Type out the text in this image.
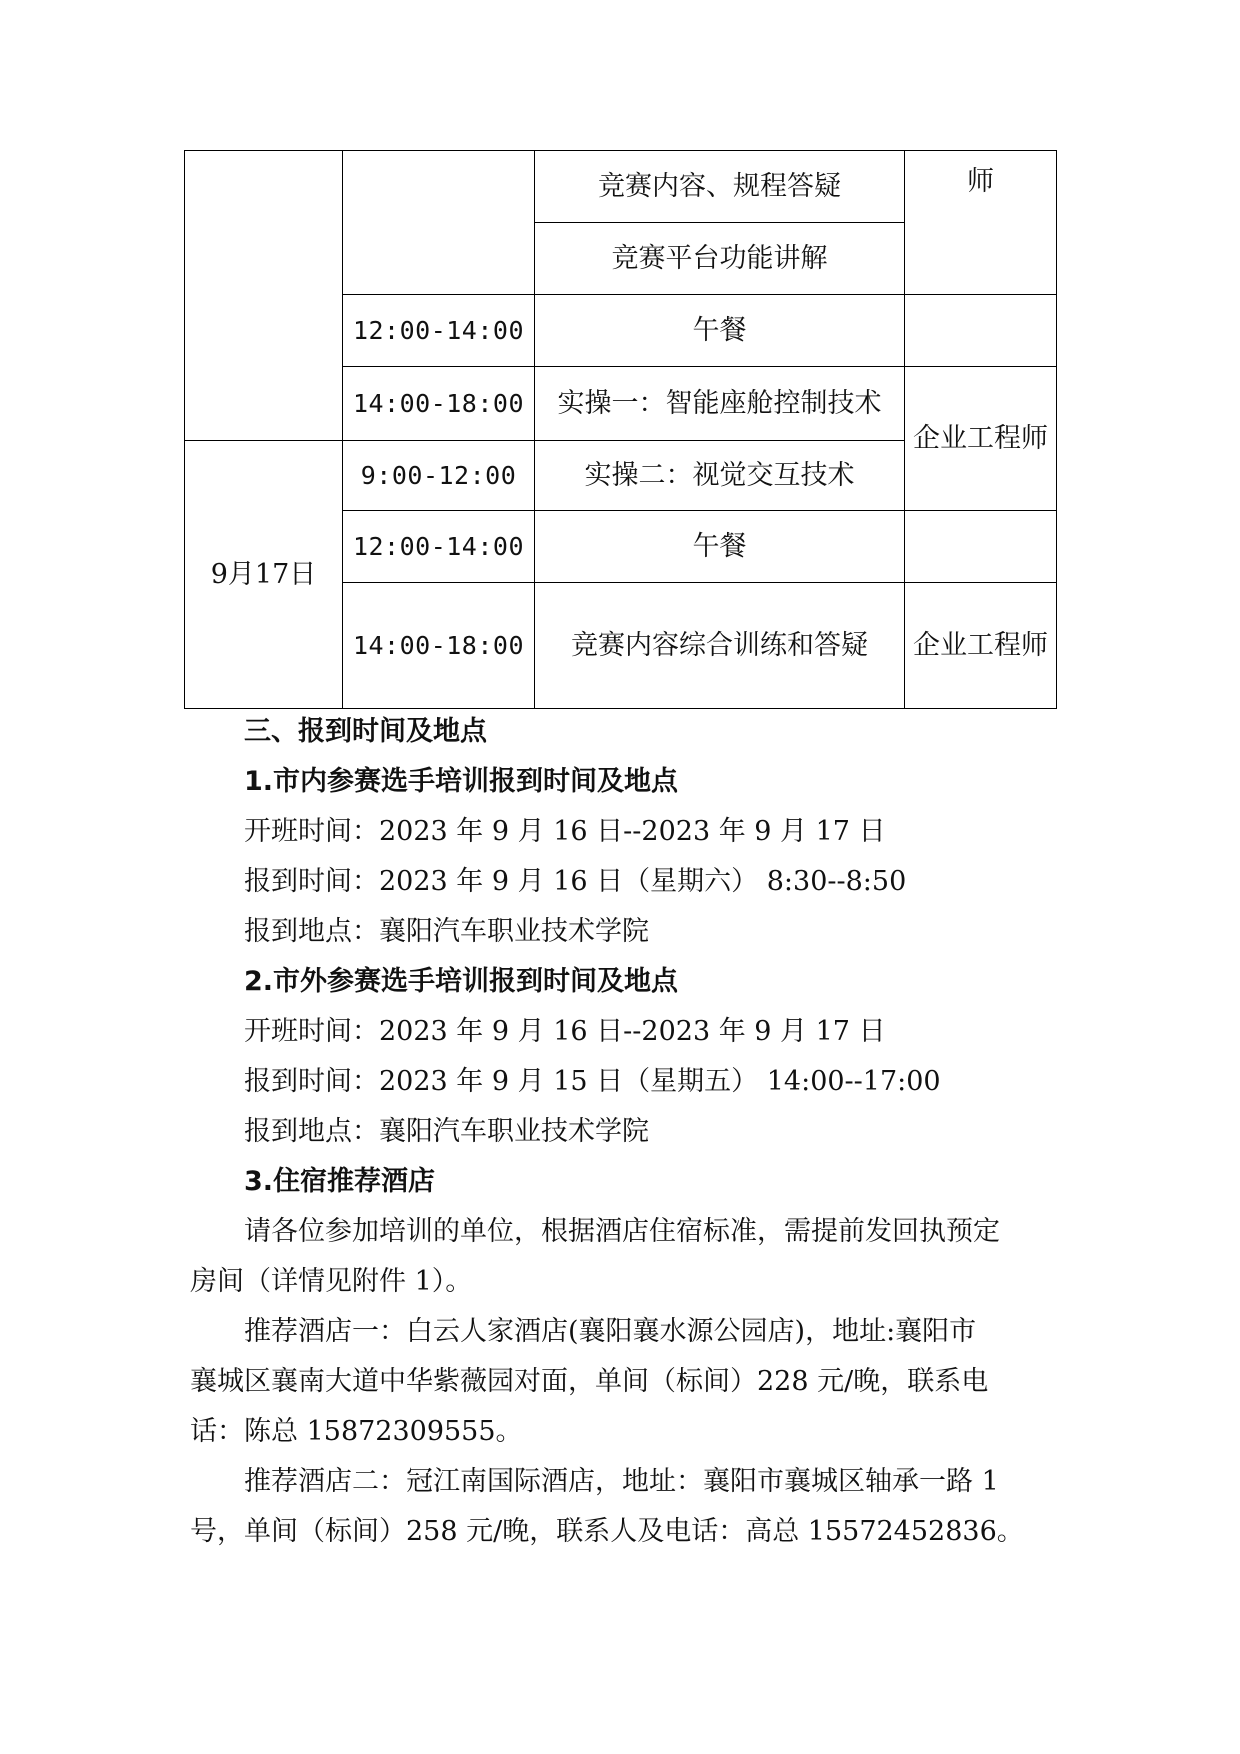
		竞赛内容、规程答疑	师
		竞赛平台功能讲解	
	12:00-14:00	午餐	
	14:00-18:00	实操一：智能座舱控制技术	企业工程师
9月17日	9:00-12:00	实操二：视觉交互技术	
	12:00-14:00	午餐	
	14:00-18:00	竞赛内容综合训练和答疑	企业工程师
三、报到时间及地点
1.市内参赛选手培训报到时间及地点
开班时间：2023 年 9 月 16 日--2023 年 9 月 17 日
报到时间：2023 年 9 月 16 日（星期六） 8:30--8:50
报到地点：襄阳汽车职业技术学院
2.市外参赛选手培训报到时间及地点
开班时间：2023 年 9 月 16 日--2023 年 9 月 17 日
报到时间：2023 年 9 月 15 日（星期五） 14:00--17:00
报到地点：襄阳汽车职业技术学院
3.住宿推荐酒店
请各位参加培训的单位，根据酒店住宿标准，需提前发回执预定
房间（详情见附件 1）。
推荐酒店一：白云人家酒店(襄阳襄水源公园店)，地址:襄阳市
襄城区襄南大道中华紫薇园对面，单间（标间）228 元/晚，联系电
话：陈总 15872309555。
推荐酒店二：冠江南国际酒店，地址：襄阳市襄城区轴承一路 1
号，单间（标间）258 元/晚，联系人及电话：高总 15572452836。
